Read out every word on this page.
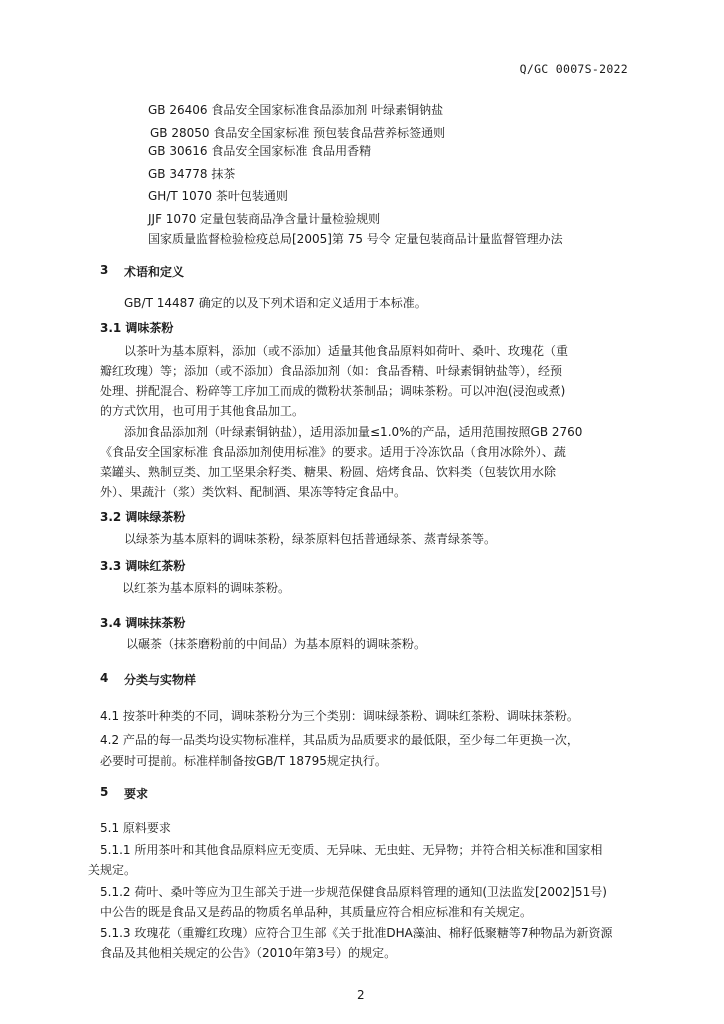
Q/GC 0007S-2022
GB 26406 食品安全国家标准食品添加剂 叶绿素铜钠盐
GB 28050 食品安全国家标准 预包装食品营养标签通则
GB 30616 食品安全国家标准 食品用香精
GB 34778 抹茶
GH/T 1070 茶叶包装通则
JJF 1070 定量包装商品净含量计量检验规则
国家质量监督检验检疫总局[2005]第 75 号令 定量包装商品计量监督管理办法
3 术语和定义
GB/T 14487 确定的以及下列术语和定义适用于本标准。
3.1 调味茶粉
以茶叶为基本原料，添加（或不添加）适量其他食品原料如荷叶、桑叶、玫瑰花（重
瓣红玫瑰）等；添加（或不添加）食品添加剂（如：食品香精、叶绿素铜钠盐等），经预
处理、拼配混合、粉碎等工序加工而成的微粉状茶制品；调味茶粉。可以冲泡(浸泡或煮)
的方式饮用，也可用于其他食品加工。
添加食品添加剂（叶绿素铜钠盐），适用添加量≤1.0%的产品，适用范围按照GB 2760
《食品安全国家标准 食品添加剂使用标准》的要求。适用于冷冻饮品（食用冰除外）、蔬
菜罐头、熟制豆类、加工坚果余籽类、糖果、粉圆、焙烤食品、饮料类（包装饮用水除
外）、果蔬汁（浆）类饮料、配制酒、果冻等特定食品中。
3.2 调味绿茶粉
以绿茶为基本原料的调味茶粉，绿茶原料包括普通绿茶、蒸青绿茶等。
3.3 调味红茶粉
以红茶为基本原料的调味茶粉。
3.4 调味抹茶粉
以碾茶（抹茶磨粉前的中间品）为基本原料的调味茶粉。
4 分类与实物样
4.1 按茶叶种类的不同，调味茶粉分为三个类别：调味绿茶粉、调味红茶粉、调味抹茶粉。
4.2 产品的每一品类均设实物标准样，其品质为品质要求的最低限，至少每二年更换一次，
必要时可提前。标准样制备按GB/T 18795规定执行。
5 要求
5.1 原料要求
5.1.1 所用茶叶和其他食品原料应无变质、无异味、无虫蛀、无异物；并符合相关标准和国家相
关规定。
5.1.2 荷叶、桑叶等应为卫生部关于进一步规范保健食品原料管理的通知(卫法监发[2002]51号)
中公告的既是食品又是药品的物质名单品种，其质量应符合相应标准和有关规定。
5.1.3 玫瑰花（重瓣红玫瑰）应符合卫生部《关于批准DHA藻油、棉籽低聚糖等7种物品为新资源
食品及其他相关规定的公告》（2010年第3号）的规定。
2
